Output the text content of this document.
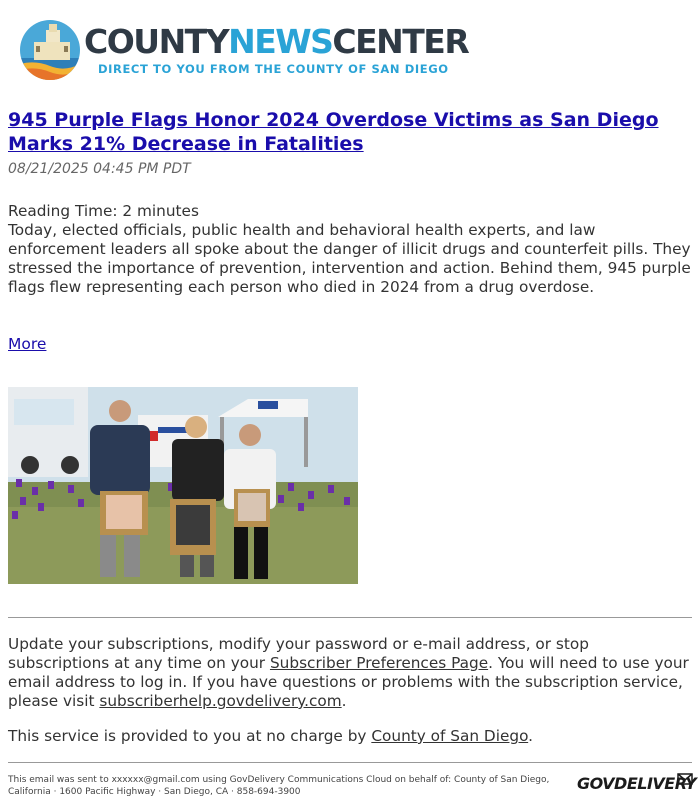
COUNTYNEWSCENTER
DIRECT TO YOU FROM THE COUNTY OF SAN DIEGO
945 Purple Flags Honor 2024 Overdose Victims as San Diego Marks 21% Decrease in Fatalities
08/21/2025 04:45 PM PDT

Reading Time: 2 minutes

Today, elected officials, public health and behavioral health experts, and law enforcement leaders all spoke about the danger of illicit drugs and counterfeit pills. They stressed the importance of prevention, intervention and action. Behind them, 945 purple flags flew representing each person who died in 2024 from a drug overdose.

More
Update your subscriptions, modify your password or e-mail address, or stop subscriptions at any time on your Subscriber Preferences Page. You will need to use your email address to log in. If you have questions or problems with the subscription service, please visit subscriberhelp.govdelivery.com.
This service is provided to you at no charge by County of San Diego.
This email was sent to xxxxxx@gmail.com using GovDelivery Communications Cloud on behalf of: County of San Diego,
California · 1600 Pacific Highway · San Diego, CA · 858-694-3900	GOVDELIVERY
